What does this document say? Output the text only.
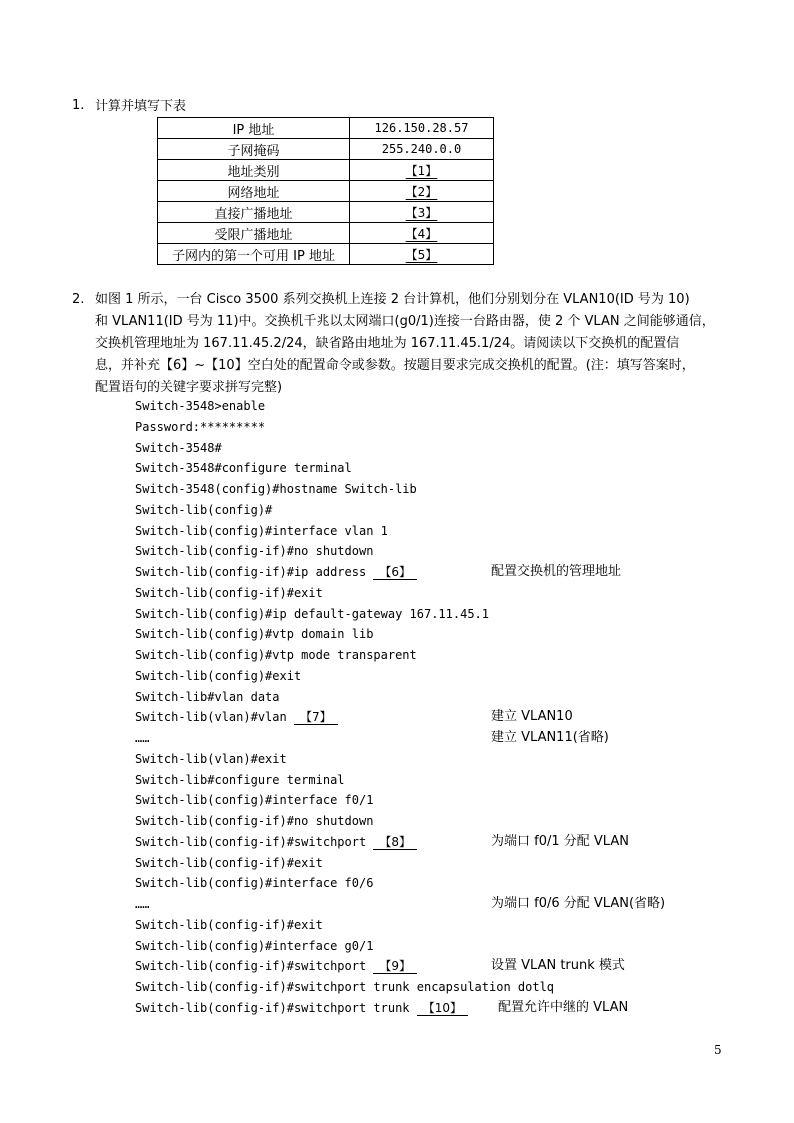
1. 计算并填写下表
IP 地址	126.150.28.57
子网掩码	255.240.0.0
地址类别	【1】
网络地址	【2】
直接广播地址	【3】
受限广播地址	【4】
子网内的第一个可用 IP 地址	【5】
2. 如图 1 所示，一台 Cisco 3500 系列交换机上连接 2 台计算机，他们分别划分在 VLAN10(ID 号为 10)
和 VLAN11(ID 号为 11)中。交换机千兆以太网端口(g0/1)连接一台路由器，使 2 个 VLAN 之间能够通信，
交换机管理地址为 167.11.45.2/24，缺省路由地址为 167.11.45.1/24。请阅读以下交换机的配置信
息，并补充【6】~【10】空白处的配置命令或参数。按题目要求完成交换机的配置。(注：填写答案时，
配置语句的关键字要求拼写完整)
Switch-3548>enable
Password:*********
Switch-3548#
Switch-3548#configure terminal
Switch-3548(config)#hostname Switch-lib
Switch-lib(config)#
Switch-lib(config)#interface vlan 1
Switch-lib(config-if)#no shutdown
Switch-lib(config-if)#ip address 【6】	配置交换机的管理地址
Switch-lib(config-if)#exit
Switch-lib(config)#ip default-gateway 167.11.45.1
Switch-lib(config)#vtp domain lib
Switch-lib(config)#vtp mode transparent
Switch-lib(config)#exit
Switch-lib#vlan data
Switch-lib(vlan)#vlan 【7】	建立 VLAN10
……	建立 VLAN11(省略)
Switch-lib(vlan)#exit
Switch-lib#configure terminal
Switch-lib(config)#interface f0/1
Switch-lib(config-if)#no shutdown
Switch-lib(config-if)#switchport 【8】	为端口 f0/1 分配 VLAN
Switch-lib(config-if)#exit
Switch-lib(config)#interface f0/6
……	为端口 f0/6 分配 VLAN(省略)
Switch-lib(config-if)#exit
Switch-lib(config)#interface g0/1
Switch-lib(config-if)#switchport 【9】	设置 VLAN trunk 模式
Switch-lib(config-if)#switchport trunk encapsulation dotlq
Switch-lib(config-if)#switchport trunk 【10】	配置允许中继的 VLAN
5
